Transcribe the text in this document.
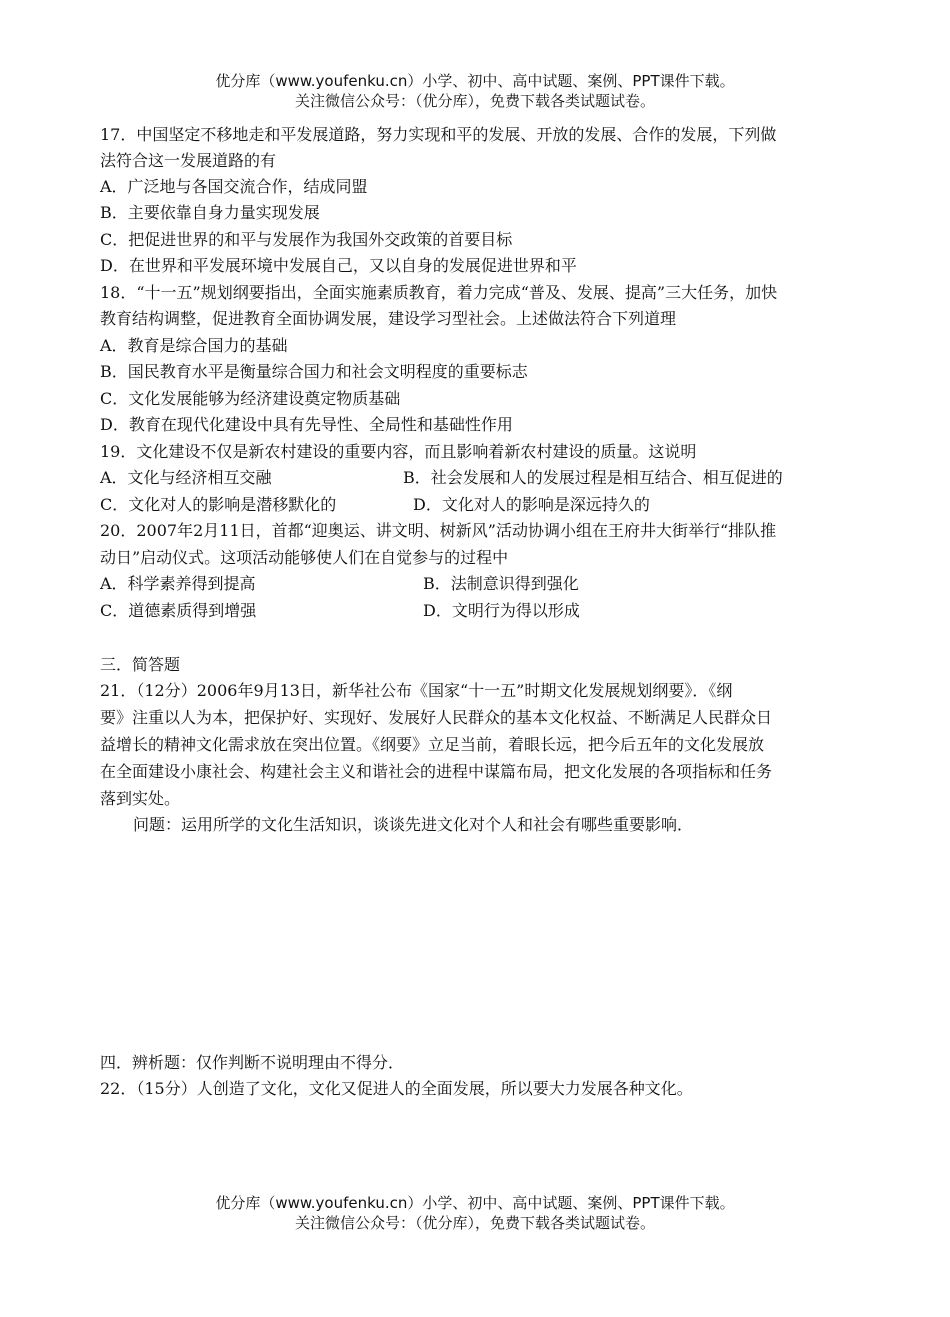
优分库（www.youfenku.cn）小学、初中、高中试题、案例、PPT课件下载。
关注微信公众号：（优分库），免费下载各类试题试卷。
17．中国坚定不移地走和平发展道路，努力实现和平的发展、开放的发展、合作的发展，下列做
法符合这一发展道路的有
A．广泛地与各国交流合作，结成同盟
B．主要依靠自身力量实现发展
C．把促进世界的和平与发展作为我国外交政策的首要目标
D．在世界和平发展环境中发展自己，又以自身的发展促进世界和平
18．“十一五”规划纲要指出，全面实施素质教育，着力完成“普及、发展、提高”三大任务，加快
教育结构调整，促进教育全面协调发展，建设学习型社会。上述做法符合下列道理
A．教育是综合国力的基础
B．国民教育水平是衡量综合国力和社会文明程度的重要标志
C．文化发展能够为经济建设奠定物质基础
D．教育在现代化建设中具有先导性、全局性和基础性作用
19．文化建设不仅是新农村建设的重要内容，而且影响着新农村建设的质量。这说明
A．文化与经济相互交融	B．社会发展和人的发展过程是相互结合、相互促进的
C．文化对人的影响是潜移默化的	D．文化对人的影响是深远持久的
20．2007年2月11日，首都“迎奥运、讲文明、树新风”活动协调小组在王府井大街举行“排队推
动日”启动仪式。这项活动能够使人们在自觉参与的过程中
A．科学素养得到提高	B．法制意识得到强化
C．道德素质得到增强	D．文明行为得以形成
三．简答题
21．（12分）2006年9月13日，新华社公布《国家“十一五”时期文化发展规划纲要》．《纲
要》注重以人为本，把保护好、实现好、发展好人民群众的基本文化权益、不断满足人民群众日
益增长的精神文化需求放在突出位置。《纲要》立足当前，着眼长远，把今后五年的文化发展放
在全面建设小康社会、构建社会主义和谐社会的进程中谋篇布局，把文化发展的各项指标和任务
落到实处。
问题：运用所学的文化生活知识，谈谈先进文化对个人和社会有哪些重要影响．
四．辨析题：仅作判断不说明理由不得分．
22．（15分）人创造了文化，文化又促进人的全面发展，所以要大力发展各种文化。
优分库（www.youfenku.cn）小学、初中、高中试题、案例、PPT课件下载。
关注微信公众号：（优分库），免费下载各类试题试卷。
